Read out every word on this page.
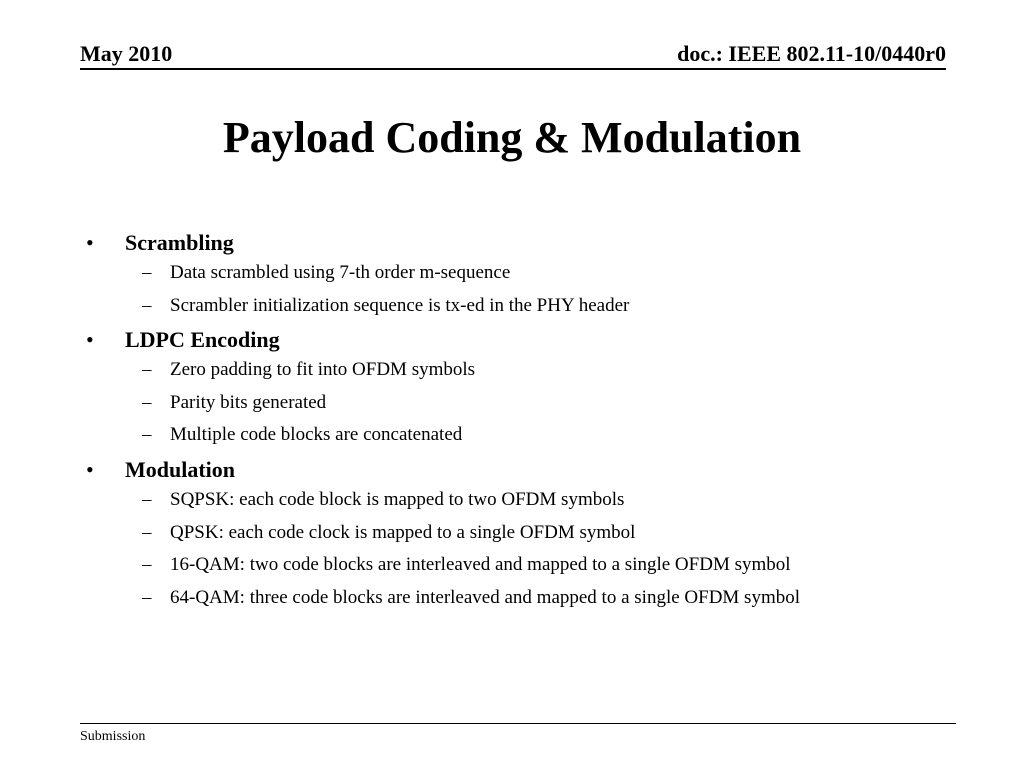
May 2010	doc.: IEEE 802.11-10/0440r0
Payload Coding & Modulation
• Scrambling
– Data scrambled using 7-th order m-sequence
– Scrambler initialization sequence is tx-ed in the PHY header
• LDPC Encoding
– Zero padding to fit into OFDM symbols
– Parity bits generated
– Multiple code blocks are concatenated
• Modulation
– SQPSK: each code block is mapped to two OFDM symbols
– QPSK: each code clock is mapped to a single OFDM symbol
– 16-QAM: two code blocks are interleaved and mapped to a single OFDM symbol
– 64-QAM: three code blocks are interleaved and mapped to a single OFDM symbol
Submission
